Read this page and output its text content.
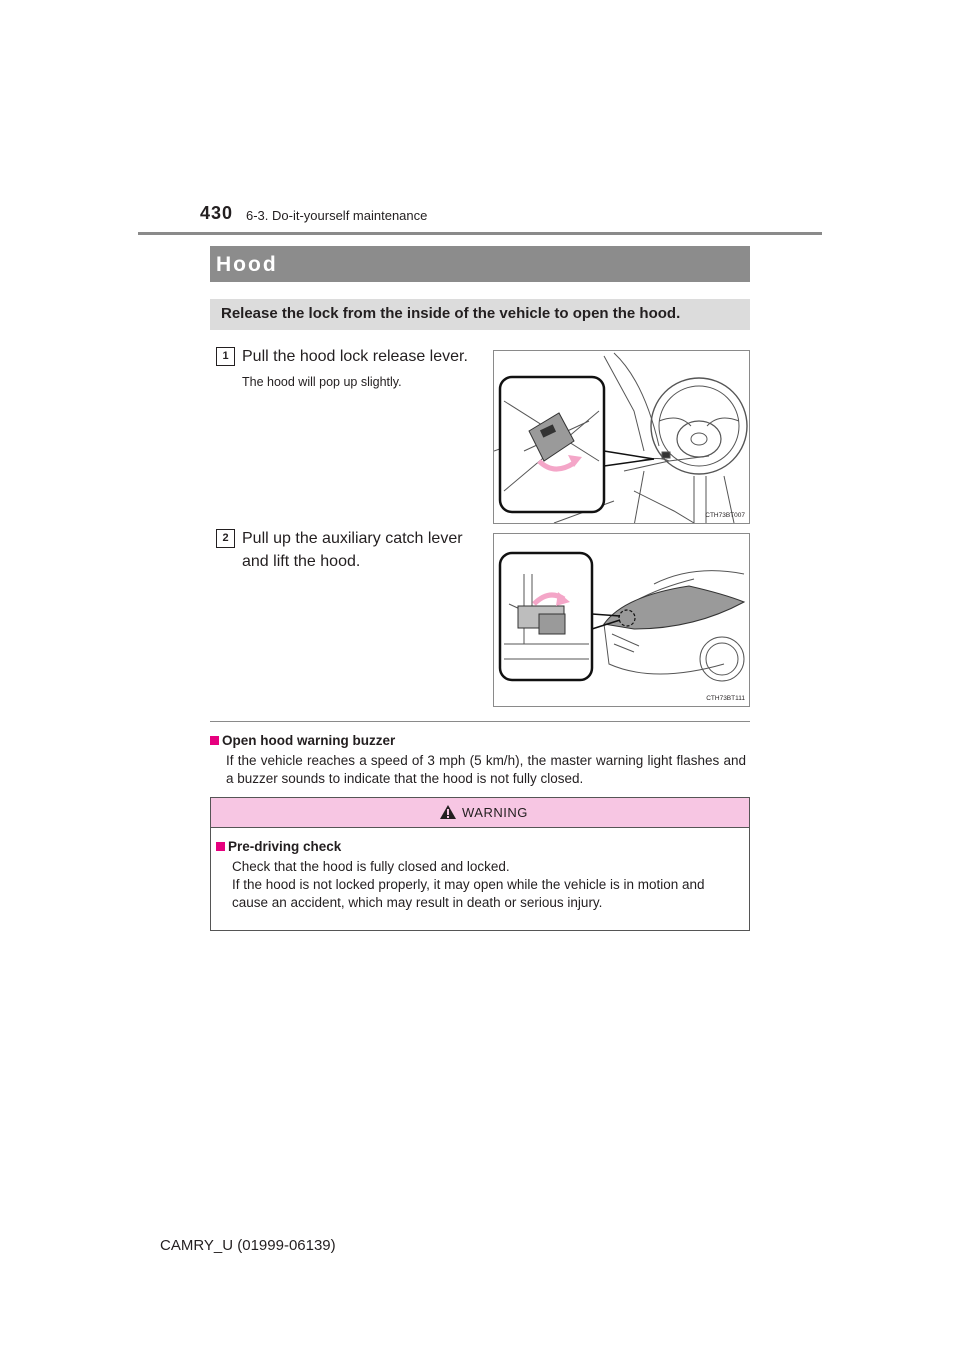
430 6-3. Do-it-yourself maintenance
Hood
Release the lock from the inside of the vehicle to open the hood.
1 Pull the hood lock release lever.
The hood will pop up slightly.
CTH73BT007
2 Pull up the auxiliary catch lever
and lift the hood.
CTH73BT111
Open hood warning buzzer
If the vehicle reaches a speed of 3 mph (5 km/h), the master warning light flashes and a buzzer sounds to indicate that the hood is not fully closed.
WARNING
Pre-driving check
Check that the hood is fully closed and locked.
If the hood is not locked properly, it may open while the vehicle is in motion and cause an accident, which may result in death or serious injury.
CAMRY_U (01999-06139)
